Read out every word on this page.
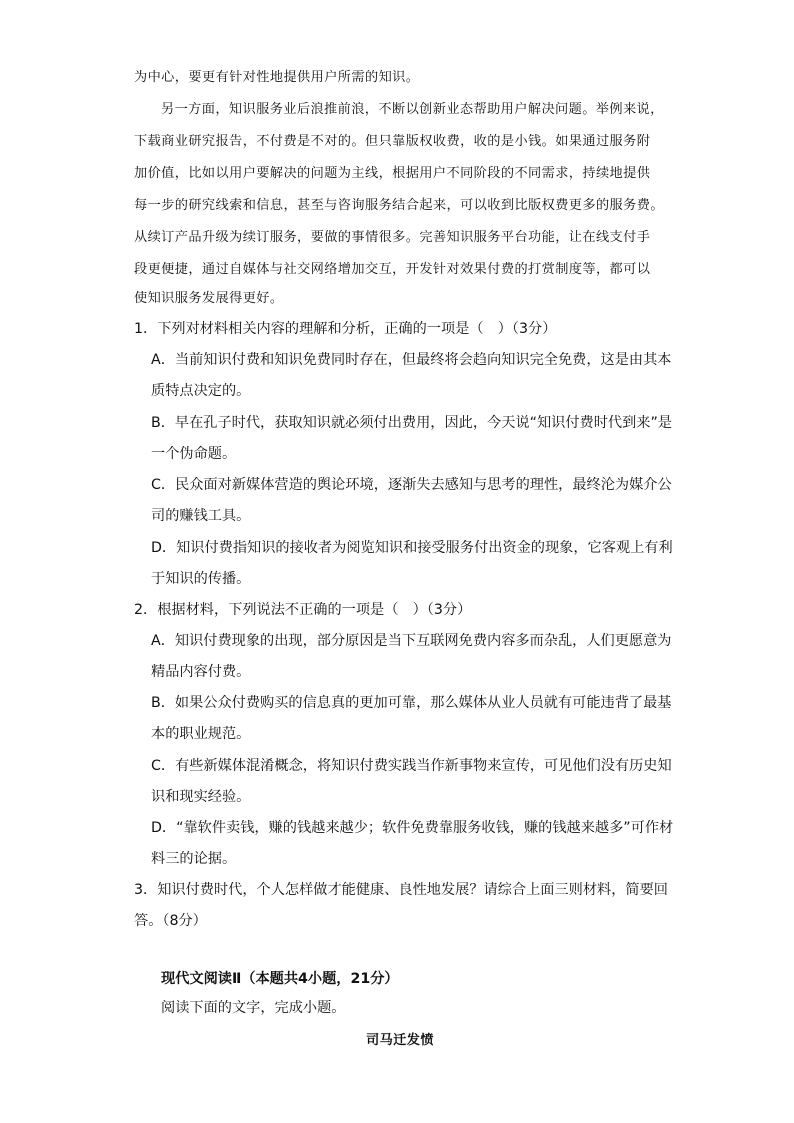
为中心，要更有针对性地提供用户所需的知识。
另一方面，知识服务业后浪推前浪，不断以创新业态帮助用户解决问题。举例来说，
下载商业研究报告，不付费是不对的。但只靠版权收费，收的是小钱。如果通过服务附
加价值，比如以用户要解决的问题为主线，根据用户不同阶段的不同需求，持续地提供
每一步的研究线索和信息，甚至与咨询服务结合起来，可以收到比版权费更多的服务费。
从续订产品升级为续订服务，要做的事情很多。完善知识服务平台功能，让在线支付手
段更便捷，通过自媒体与社交网络增加交互，开发针对效果付费的打赏制度等，都可以
使知识服务发展得更好。
1．下列对材料相关内容的理解和分析，正确的一项是（　）（3分）
A．当前知识付费和知识免费同时存在，但最终将会趋向知识完全免费，这是由其本
质特点决定的。
B．早在孔子时代，获取知识就必须付出费用，因此，今天说“知识付费时代到来”是
一个伪命题。
C．民众面对新媒体营造的舆论环境，逐渐失去感知与思考的理性，最终沦为媒介公
司的赚钱工具。
D．知识付费指知识的接收者为阅览知识和接受服务付出资金的现象，它客观上有利
于知识的传播。
2．根据材料，下列说法不正确的一项是（　）（3分）
A．知识付费现象的出现，部分原因是当下互联网免费内容多而杂乱，人们更愿意为
精品内容付费。
B．如果公众付费购买的信息真的更加可靠，那么媒体从业人员就有可能违背了最基
本的职业规范。
C．有些新媒体混淆概念，将知识付费实践当作新事物来宣传，可见他们没有历史知
识和现实经验。
D．“靠软件卖钱，赚的钱越来越少；软件免费靠服务收钱，赚的钱越来越多”可作材
料三的论据。
3．知识付费时代，个人怎样做才能健康、良性地发展？请综合上面三则材料，简要回
答。（8分）
现代文阅读Ⅱ（本题共4小题，21分）
阅读下面的文字，完成小题。
司马迁发愤
